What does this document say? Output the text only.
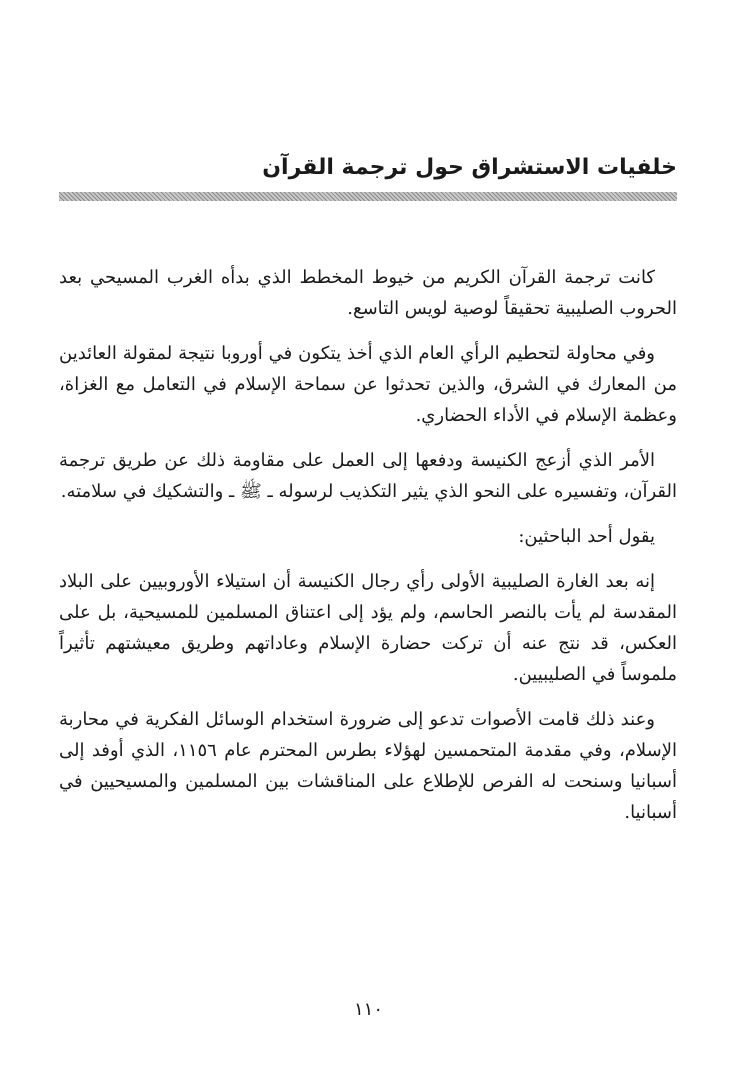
خلفيات الاستشراق حول ترجمة القرآن

كانت ترجمة القرآن الكريم من خيوط المخطط الذي بدأه الغرب المسيحي بعد الحروب الصليبية تحقيقاً لوصية لويس التاسع.

وفي محاولة لتحطيم الرأي العام الذي أخذ يتكون في أوروبا نتيجة لمقولة العائدين من المعارك في الشرق، والذين تحدثوا عن سماحة الإسلام في التعامل مع الغزاة، وعظمة الإسلام في الأداء الحضاري.

الأمر الذي أزعج الكنيسة ودفعها إلى العمل على مقاومة ذلك عن طريق ترجمة القرآن، وتفسيره على النحو الذي يثير التكذيب لرسوله ـ ﷺ ـ والتشكيك في سلامته.

يقول أحد الباحثين:

إنه بعد الغارة الصليبية الأولى رأي رجال الكنيسة أن استيلاء الأوروبيين على البلاد المقدسة لم يأت بالنصر الحاسم، ولم يؤد إلى اعتناق المسلمين للمسيحية، بل على العكس، قد نتج عنه أن تركت حضارة الإسلام وعاداتهم وطريق معيشتهم تأثيراً ملموساً في الصليبيين.

وعند ذلك قامت الأصوات تدعو إلى ضرورة استخدام الوسائل الفكرية في محاربة الإسلام، وفي مقدمة المتحمسين لهؤلاء بطرس المحترم عام ١١٥٦، الذي أوفد إلى أسبانيا وسنحت له الفرص للإطلاع على المناقشات بين المسلمين والمسيحيين في أسبانيا.

١١٠
